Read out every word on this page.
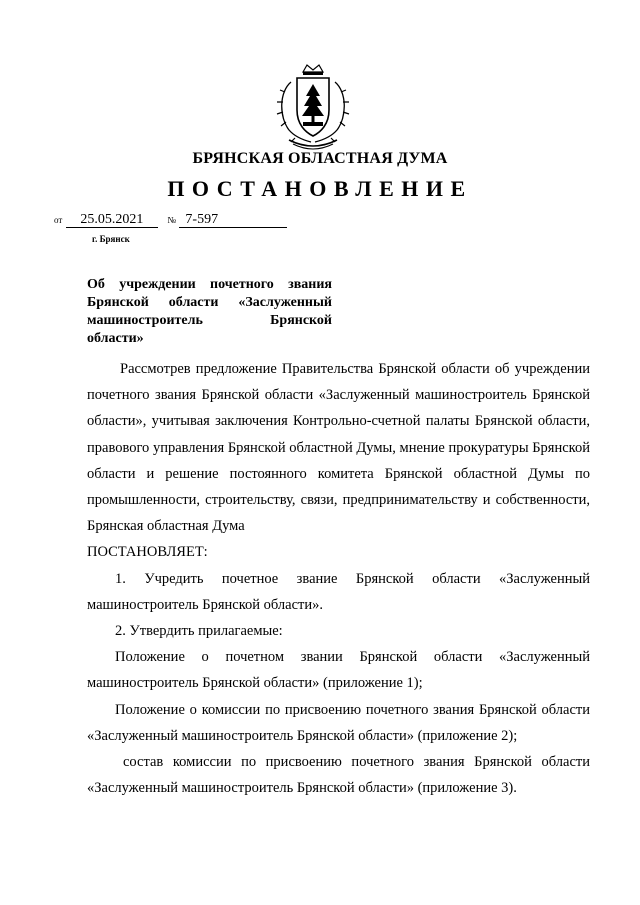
БРЯНСКАЯ ОБЛАСТНАЯ ДУМА
ПОСТАНОВЛЕНИЕ
от 25.05.2021	№ 7-597
г. Брянск
Об учреждении почетного звания
Брянской области «Заслуженный
машиностроитель Брянской
области»

Рассмотрев предложение Правительства Брянской области об учреждении почетного звания Брянской области «Заслуженный машиностроитель Брянской области», учитывая заключения Контрольно-счетной палаты Брянской области, правового управления Брянской областной Думы, мнение прокуратуры Брянской области и решение постоянного комитета Брянской областной Думы по промышленности, строительству, связи, предпринимательству и собственности, Брянская областная Дума

ПОСТАНОВЛЯЕТ:

1. Учредить почетное звание Брянской области «Заслуженный машиностроитель Брянской области».

2. Утвердить прилагаемые:

Положение о почетном звании Брянской области «Заслуженный машиностроитель Брянской области» (приложение 1);

Положение о комиссии по присвоению почетного звания Брянской области «Заслуженный машиностроитель Брянской области» (приложение 2);

состав комиссии по присвоению почетного звания Брянской области «Заслуженный машиностроитель Брянской области» (приложение 3).
